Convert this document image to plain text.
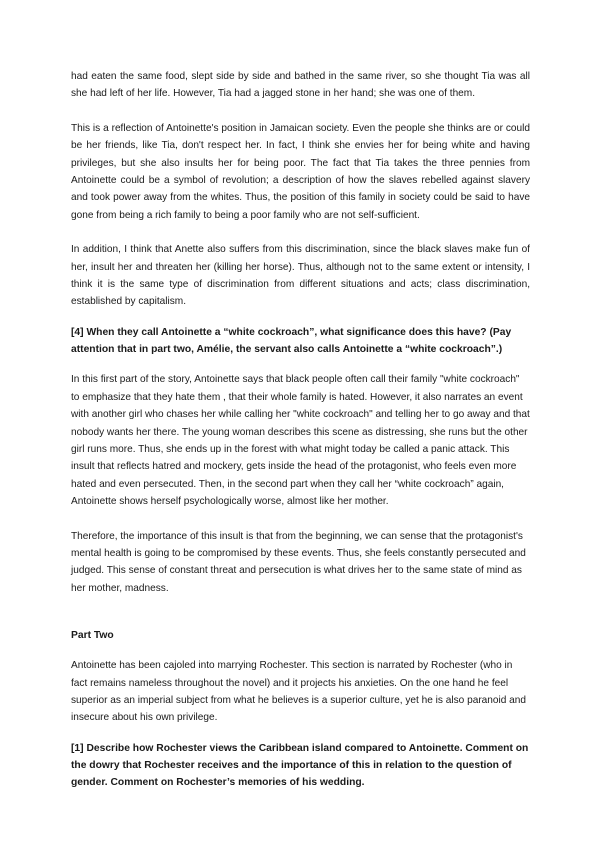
had eaten the same food, slept side by side and bathed in the same river, so she thought Tia was all she had left of her life. However, Tia had a jagged stone in her hand; she was one of them.

This is a reflection of Antoinette's position in Jamaican society. Even the people she thinks are or could be her friends, like Tia, don't respect her. In fact, I think she envies her for being white and having privileges, but she also insults her for being poor. The fact that Tia takes the three pennies from Antoinette could be a symbol of revolution; a description of how the slaves rebelled against slavery and took power away from the whites. Thus, the position of this family in society could be said to have gone from being a rich family to being a poor family who are not self-sufficient.

In addition, I think that Anette also suffers from this discrimination, since the black slaves make fun of her, insult her and threaten her (killing her horse). Thus, although not to the same extent or intensity, I think it is the same type of discrimination from different situations and acts; class discrimination, established by capitalism.

[4] When they call Antoinette a “white cockroach”, what significance does this have? (Pay attention that in part two, Amélie, the servant also calls Antoinette a “white cockroach”.)

In this first part of the story, Antoinette says that black people often call their family "white cockroach" to emphasize that they hate them , that their whole family is hated. However, it also narrates an event with another girl who chases her while calling her "white cockroach" and telling her to go away and that nobody wants her there. The young woman describes this scene as distressing, she runs but the other girl runs more. Thus, she ends up in the forest with what might today be called a panic attack. This insult that reflects hatred and mockery, gets inside the head of the protagonist, who feels even more hated and even persecuted. Then, in the second part when they call her “white cockroach” again, Antoinette shows herself psychologically worse, almost like her mother.

Therefore, the importance of this insult is that from the beginning, we can sense that the protagonist's mental health is going to be compromised by these events. Thus, she feels constantly persecuted and judged. This sense of constant threat and persecution is what drives her to the same state of mind as her mother, madness.

Part Two

Antoinette has been cajoled into marrying Rochester. This section is narrated by Rochester (who in fact remains nameless throughout the novel) and it projects his anxieties. On the one hand he feel superior as an imperial subject from what he believes is a superior culture, yet he is also paranoid and insecure about his own privilege.

[1] Describe how Rochester views the Caribbean island compared to Antoinette. Comment on the dowry that Rochester receives and the importance of this in relation to the question of gender. Comment on Rochester’s memories of his wedding.
